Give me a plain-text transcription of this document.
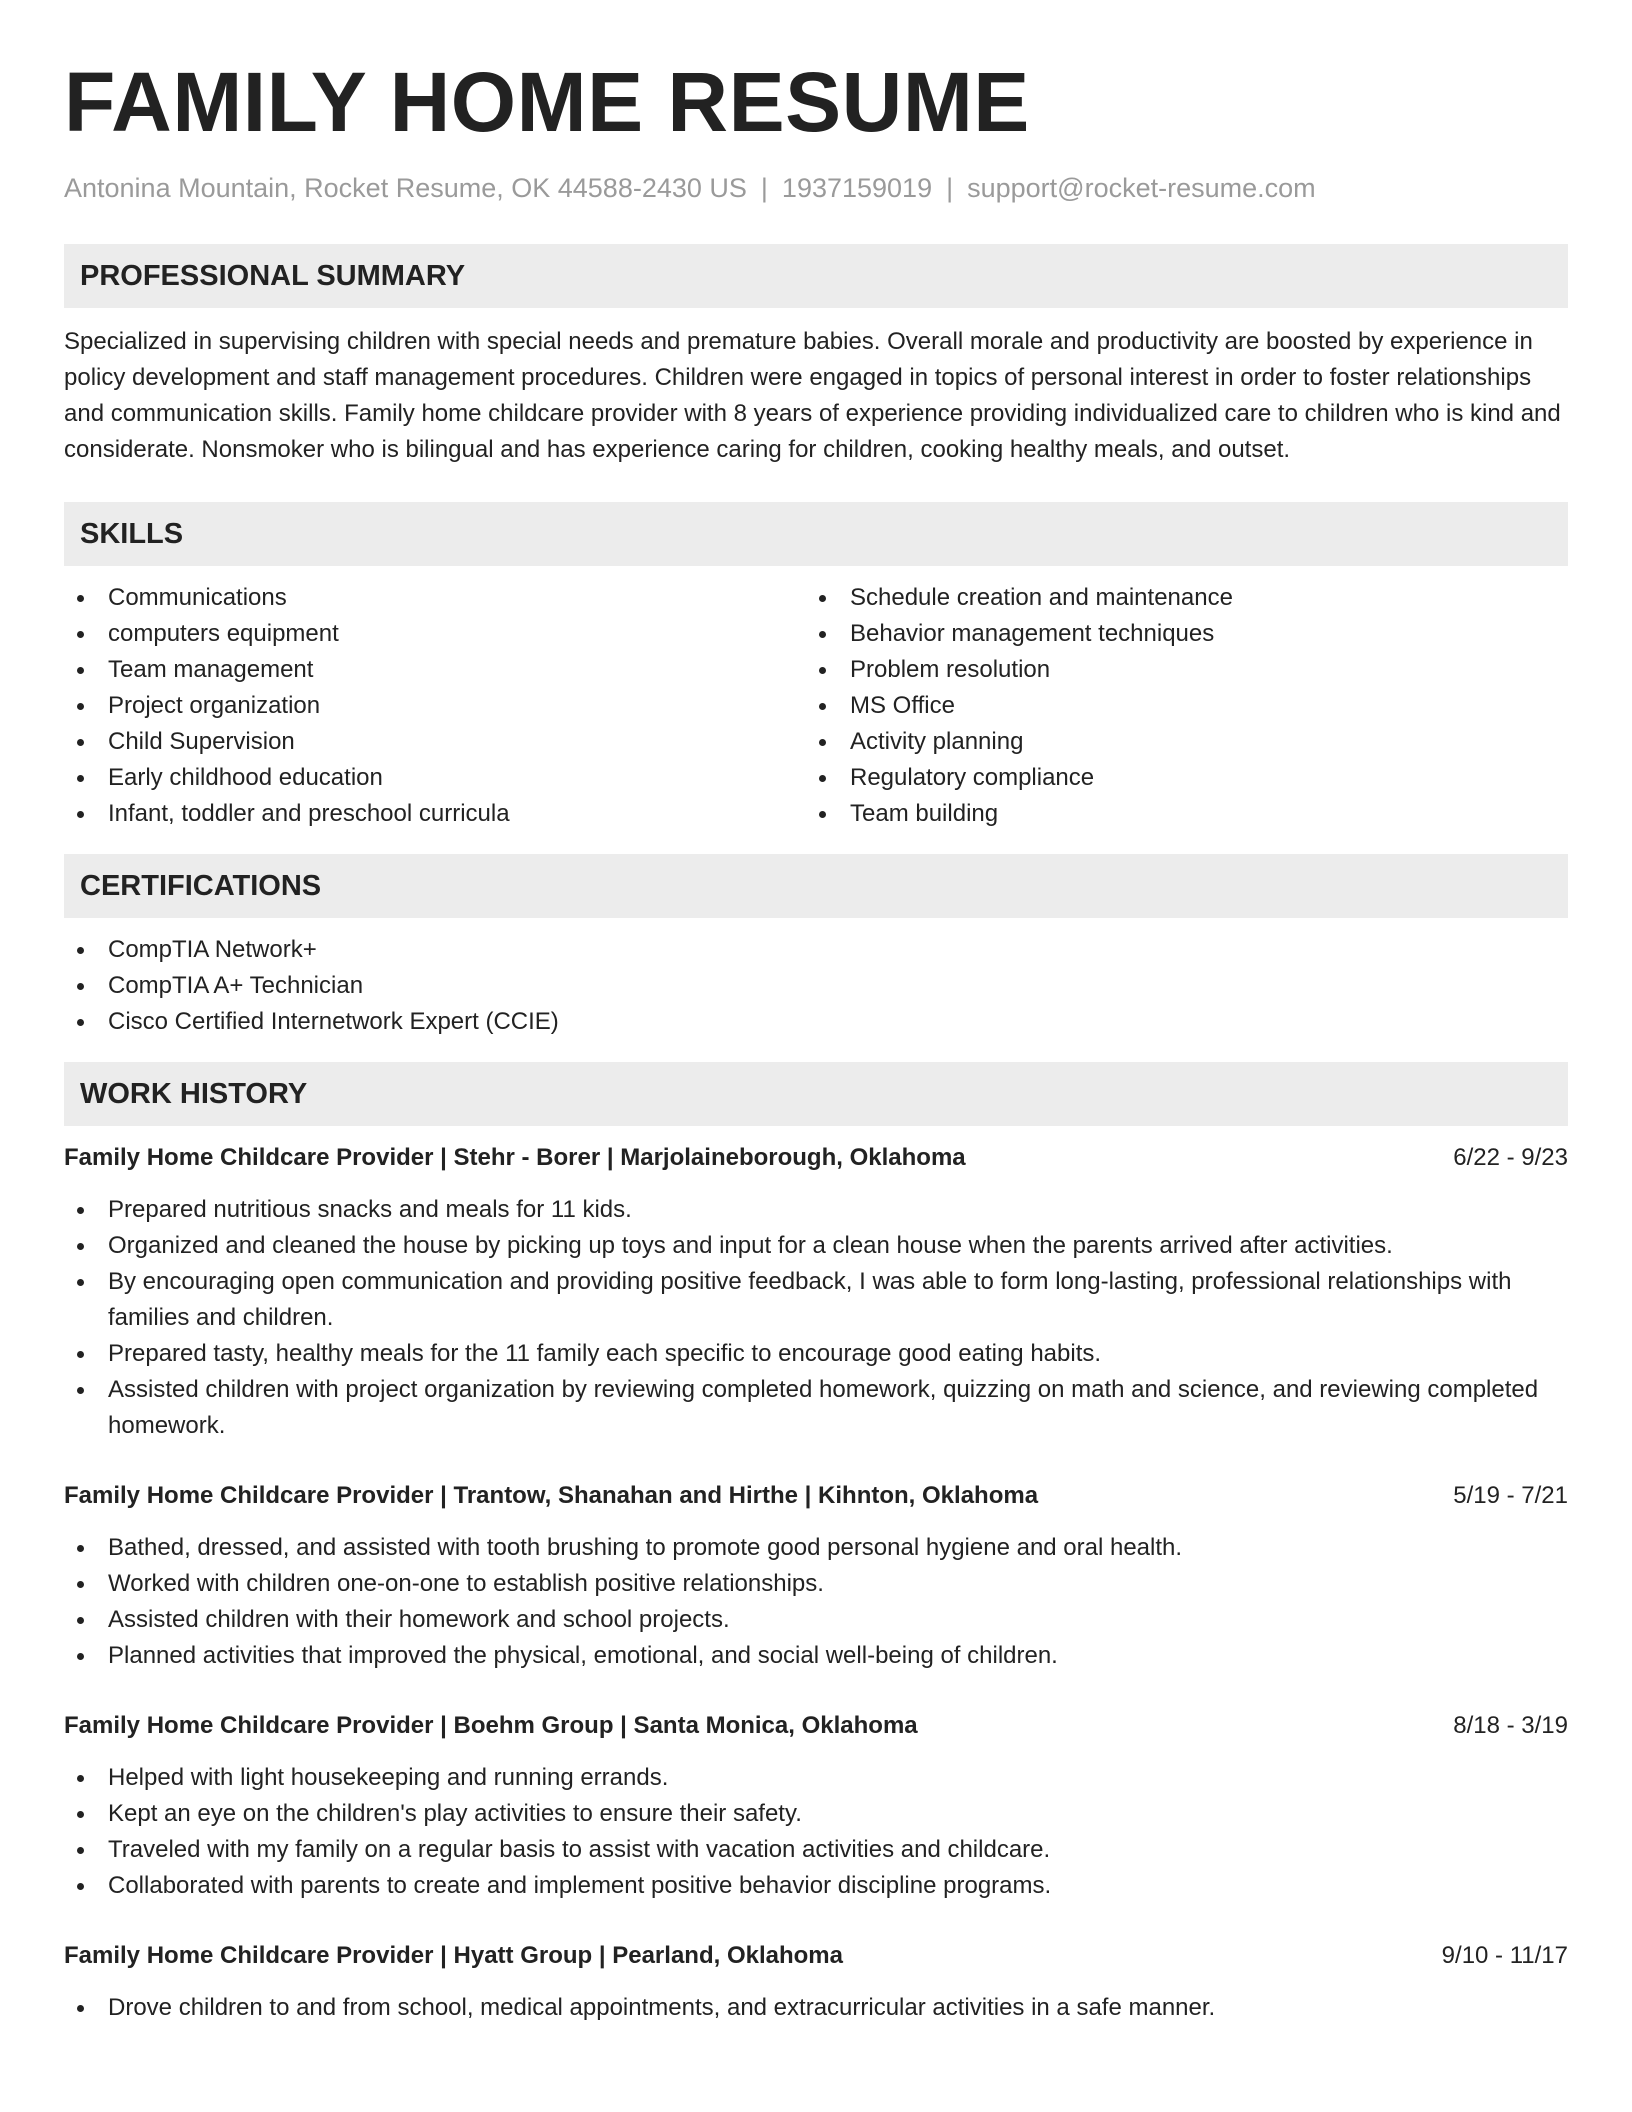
FAMILY HOME RESUME
Antonina Mountain, Rocket Resume, OK 44588-2430 US | 1937159019 | support@rocket-resume.com
PROFESSIONAL SUMMARY

Specialized in supervising children with special needs and premature babies. Overall morale and productivity are boosted by experience in policy development and staff management procedures. Children were engaged in topics of personal interest in order to foster relationships and communication skills. Family home childcare provider with 8 years of experience providing individualized care to children who is kind and considerate. Nonsmoker who is bilingual and has experience caring for children, cooking healthy meals, and outset.

SKILLS
Communications
computers equipment
Team management
Project organization
Child Supervision
Early childhood education
Infant, toddler and preschool curricula
Schedule creation and maintenance
Behavior management techniques
Problem resolution
MS Office
Activity planning
Regulatory compliance
Team building
CERTIFICATIONS
CompTIA Network+
CompTIA A+ Technician
Cisco Certified Internetwork Expert (CCIE)
WORK HISTORY
Family Home Childcare Provider | Stehr - Borer | Marjolaineborough, Oklahoma	6/22 - 9/23
Prepared nutritious snacks and meals for 11 kids.
Organized and cleaned the house by picking up toys and input for a clean house when the parents arrived after activities.
By encouraging open communication and providing positive feedback, I was able to form long-lasting, professional relationships with families and children.
Prepared tasty, healthy meals for the 11 family each specific to encourage good eating habits.
Assisted children with project organization by reviewing completed homework, quizzing on math and science, and reviewing completed homework.
Family Home Childcare Provider | Trantow, Shanahan and Hirthe | Kihnton, Oklahoma	5/19 - 7/21
Bathed, dressed, and assisted with tooth brushing to promote good personal hygiene and oral health.
Worked with children one-on-one to establish positive relationships.
Assisted children with their homework and school projects.
Planned activities that improved the physical, emotional, and social well-being of children.
Family Home Childcare Provider | Boehm Group | Santa Monica, Oklahoma	8/18 - 3/19
Helped with light housekeeping and running errands.
Kept an eye on the children's play activities to ensure their safety.
Traveled with my family on a regular basis to assist with vacation activities and childcare.
Collaborated with parents to create and implement positive behavior discipline programs.
Family Home Childcare Provider | Hyatt Group | Pearland, Oklahoma	9/10 - 11/17
Drove children to and from school, medical appointments, and extracurricular activities in a safe manner.
